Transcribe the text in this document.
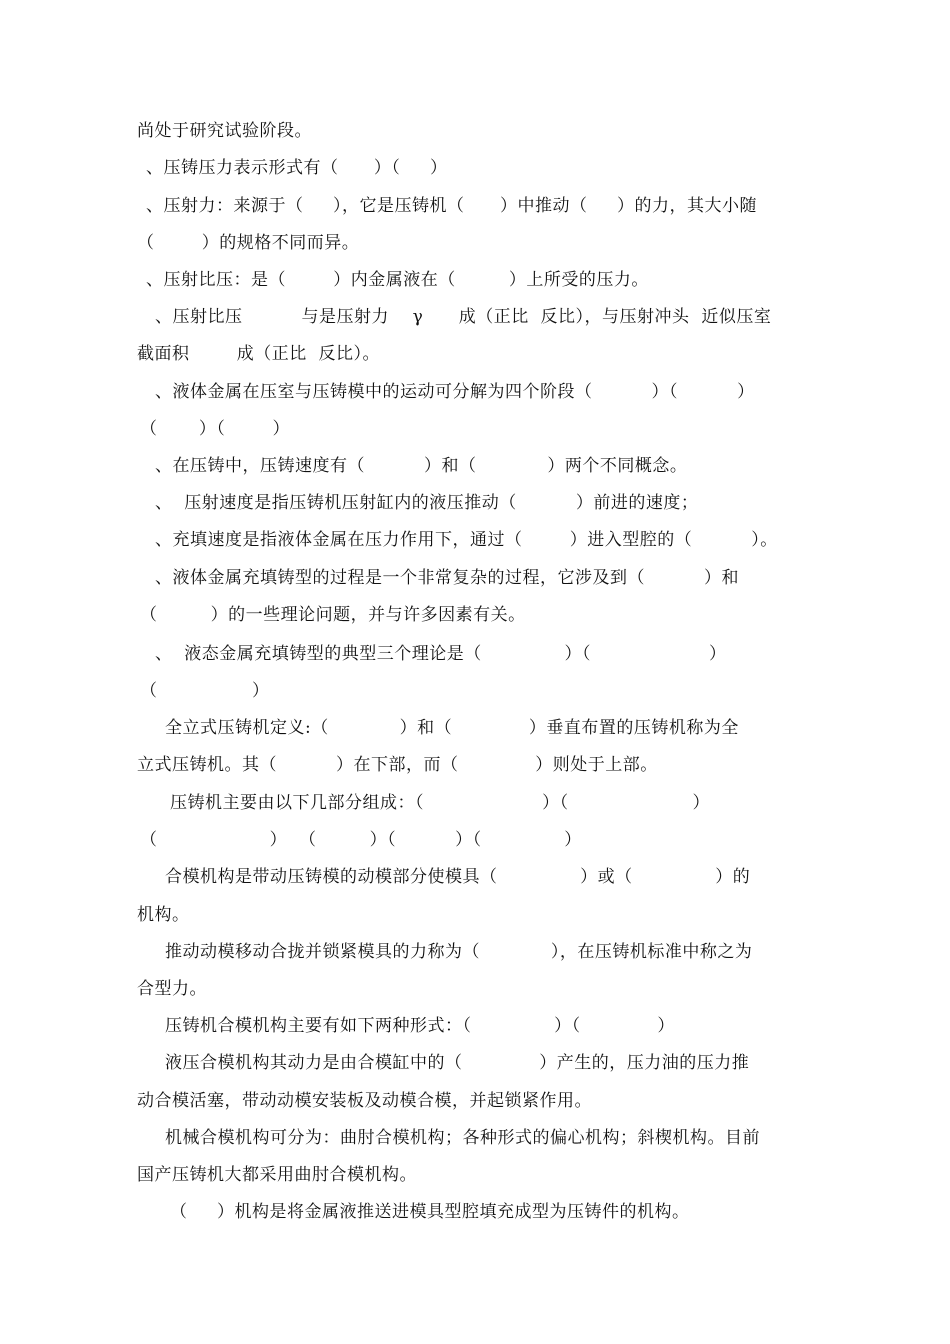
尚处于研究试验阶段。
、压铸压力表示形式有（      ）（     ）
、压射力：来源于（     ），它是压铸机（      ）中推动（     ）的力，其大小随
（        ）的规格不同而异。
、压射比压：是（        ）内金属液在（         ）上所受的压力。
、压射比压          与是压射力    γ      成（正比  反比），与压射冲头  近似压室
截面积        成（正比  反比）。
、液体金属在压室与压铸模中的运动可分解为四个阶段（          ）（          ）
（       ）（        ）
、在压铸中，压铸速度有（          ）和（            ）两个不同概念。
、  压射速度是指压铸机压射缸内的液压推动（          ）前进的速度；
、充填速度是指液体金属在压力作用下，通过（        ）进入型腔的（          ）。
、液体金属充填铸型的过程是一个非常复杂的过程，它涉及到（          ）和
（         ）的一些理论问题，并与许多因素有关。
、  液态金属充填铸型的典型三个理论是（              ）（                    ）
（                ）
全立式压铸机定义:（            ）和（             ）垂直布置的压铸机称为全
立式压铸机。其（          ）在下部，而（             ）则处于上部。
压铸机主要由以下几部分组成：（                    ）（                     ）
（                   ）  （         ）（          ）（              ）
合模机构是带动压铸模的动模部分使模具（              ）或（              ）的
机构。
推动动模移动合拢并锁紧模具的力称为（            ），在压铸机标准中称之为
合型力。
压铸机合模机构主要有如下两种形式：（              ）（             ）
液压合模机构其动力是由合模缸中的（             ）产生的，压力油的压力推
动合模活塞，带动动模安装板及动模合模，并起锁紧作用。
机械合模机构可分为：曲肘合模机构；各种形式的偏心机构；斜楔机构。目前
国产压铸机大都采用曲肘合模机构。
（     ）机构是将金属液推送进模具型腔填充成型为压铸件的机构。
